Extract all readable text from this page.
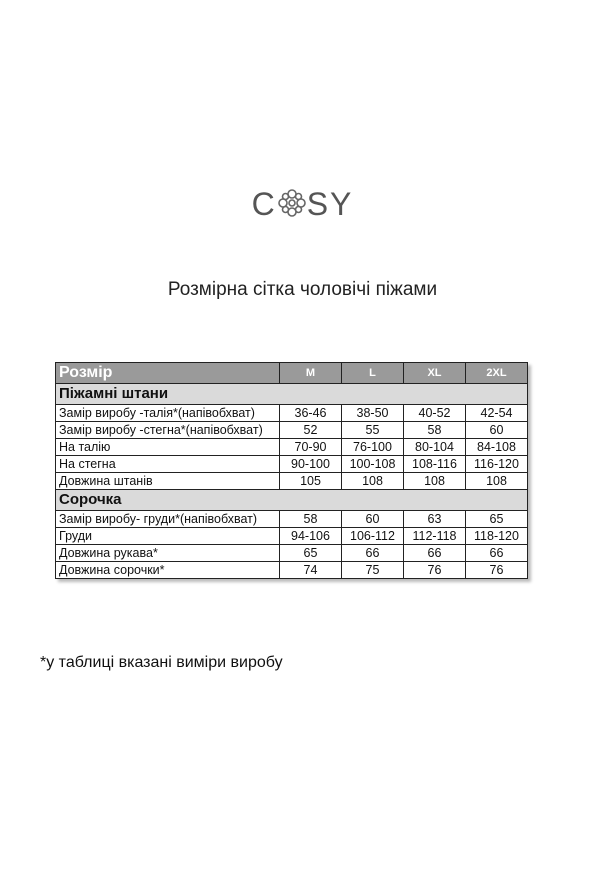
C SY
Розмірна сітка чоловічі піжами
Розмір	M	L	XL	2XL
Піжамні штани				
Замір виробу -талія*(напівобхват)	36-46	38-50	40-52	42-54
Замір виробу -стегна*(напівобхват)	52	55	58	60
На талію	70-90	76-100	80-104	84-108
На стегна	90-100	100-108	108-116	116-120
Довжина штанів	105	108	108	108
Сорочка				
Замір виробу- груди*(напівобхват)	58	60	63	65
Груди	94-106	106-112	112-118	118-120
Довжина рукава*	65	66	66	66
Довжина сорочки*	74	75	76	76
*у таблиці вказані виміри виробу
